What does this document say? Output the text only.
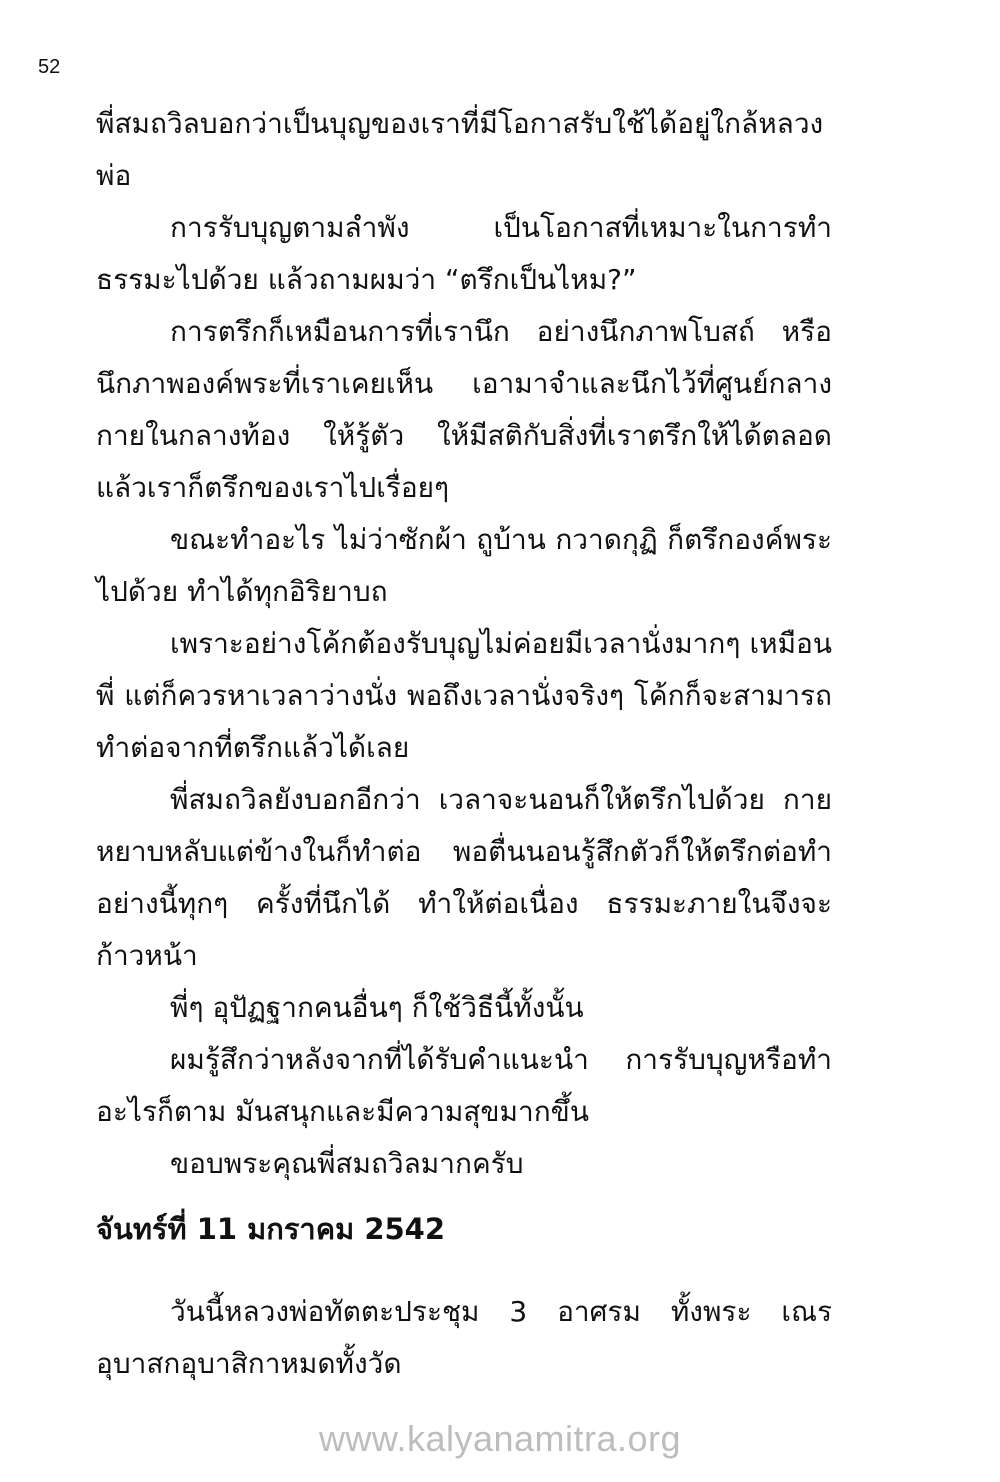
52

พี่สมถวิลบอกว่าเป็นบุญของเราที่มีโอกาสรับใช้ได้อยู่ใกล้หลวงพ่อ

การรับบุญตามลำพัง เป็นโอกาสที่เหมาะในการทำธรรมะไปด้วย แล้วถามผมว่า “ตรึกเป็นไหม?”

การตรึกก็เหมือนการที่เรานึก อย่างนึกภาพโบสถ์ หรือนึกภาพองค์พระที่เราเคยเห็น เอามาจำและนึกไว้ที่ศูนย์กลางกายในกลางท้อง ให้รู้ตัว ให้มีสติกับสิ่งที่เราตรึกให้ได้ตลอด แล้วเราก็ตรึกของเราไปเรื่อยๆ

ขณะทำอะไร ไม่ว่าซักผ้า ถูบ้าน กวาดกุฏิ ก็ตรึกองค์พระไปด้วย ทำได้ทุกอิริยาบถ

เพราะอย่างโค้กต้องรับบุญไม่ค่อยมีเวลานั่งมากๆ เหมือนพี่ แต่ก็ควรหาเวลาว่างนั่ง พอถึงเวลานั่งจริงๆ โค้กก็จะสามารถทำต่อจากที่ตรึกแล้วได้เลย

พี่สมถวิลยังบอกอีกว่า เวลาจะนอนก็ให้ตรึกไปด้วย กายหยาบหลับแต่ข้างในก็ทำต่อ พอตื่นนอนรู้สึกตัวก็ให้ตรึกต่อทำอย่างนี้ทุกๆ ครั้งที่นึกได้ ทำให้ต่อเนื่อง ธรรมะภายในจึงจะก้าวหน้า

พี่ๆ อุปัฏฐากคนอื่นๆ ก็ใช้วิธีนี้ทั้งนั้น

ผมรู้สึกว่าหลังจากที่ได้รับคำแนะนำ การรับบุญหรือทำอะไรก็ตาม มันสนุกและมีความสุขมากขึ้น

ขอบพระคุณพี่สมถวิลมากครับ

จันทร์ที่ 11 มกราคม 2542

วันนี้หลวงพ่อทัตตะประชุม 3 อาศรม ทั้งพระ เณร อุบาสกอุบาสิกาหมดทั้งวัด

www.kalyanamitra.org
